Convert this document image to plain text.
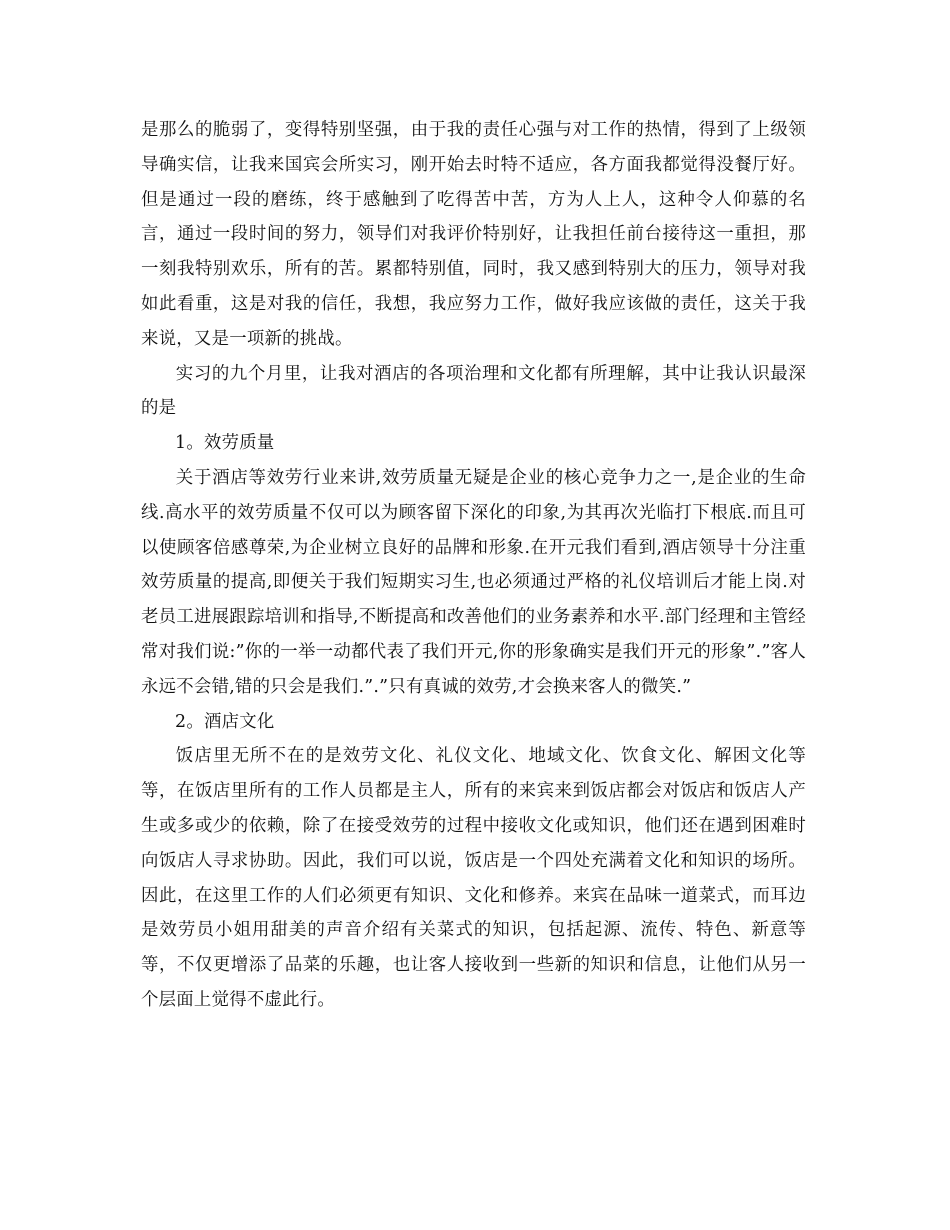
是那么的脆弱了，变得特别坚强，由于我的责任心强与对工作的热情，得到了上级领导确实信，让我来国宾会所实习，刚开始去时特不适应，各方面我都觉得没餐厅好。但是通过一段的磨练，终于感触到了吃得苦中苦，方为人上人，这种令人仰慕的名言，通过一段时间的努力，领导们对我评价特别好，让我担任前台接待这一重担，那一刻我特别欢乐，所有的苦。累都特别值，同时，我又感到特别大的压力，领导对我如此看重，这是对我的信任，我想，我应努力工作，做好我应该做的责任，这关于我来说，又是一项新的挑战。

实习的九个月里，让我对酒店的各项治理和文化都有所理解，其中让我认识最深的是

1。效劳质量

关于酒店等效劳行业来讲,效劳质量无疑是企业的核心竞争力之一,是企业的生命线.高水平的效劳质量不仅可以为顾客留下深化的印象,为其再次光临打下根底.而且可以使顾客倍感尊荣,为企业树立良好的品牌和形象.在开元我们看到,酒店领导十分注重效劳质量的提高,即便关于我们短期实习生,也必须通过严格的礼仪培训后才能上岗.对老员工进展跟踪培训和指导,不断提高和改善他们的业务素养和水平.部门经理和主管经常对我们说:”你的一举一动都代表了我们开元,你的形象确实是我们开元的形象”.”客人永远不会错,错的只会是我们.”.”只有真诚的效劳,才会换来客人的微笑.”

2。酒店文化

饭店里无所不在的是效劳文化、礼仪文化、地域文化、饮食文化、解困文化等等，在饭店里所有的工作人员都是主人，所有的来宾来到饭店都会对饭店和饭店人产生或多或少的依赖，除了在接受效劳的过程中接收文化或知识，他们还在遇到困难时向饭店人寻求协助。因此，我们可以说，饭店是一个四处充满着文化和知识的场所。因此，在这里工作的人们必须更有知识、文化和修养。来宾在品味一道菜式，而耳边是效劳员小姐用甜美的声音介绍有关菜式的知识，包括起源、流传、特色、新意等等，不仅更增添了品菜的乐趣，也让客人接收到一些新的知识和信息，让他们从另一个层面上觉得不虚此行。
